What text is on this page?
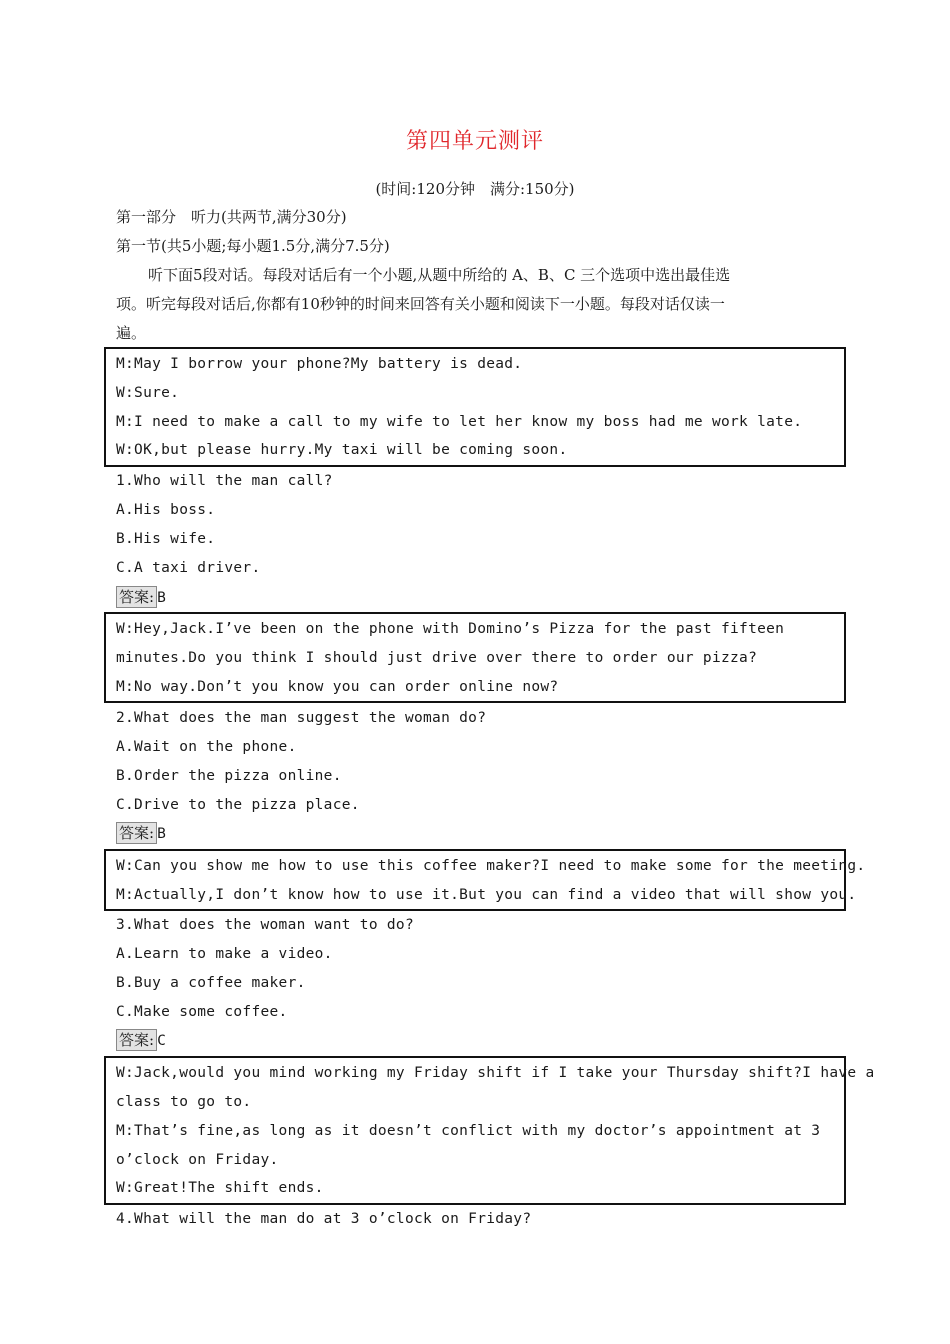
第四单元测评
(时间:120分钟　满分:150分)
第一部分　听力(共两节,满分30分)
第一节(共5小题;每小题1.5分,满分7.5分)
听下面5段对话。每段对话后有一个小题,从题中所给的 A、B、C 三个选项中选出最佳选
项。听完每段对话后,你都有10秒钟的时间来回答有关小题和阅读下一小题。每段对话仅读一
遍。
M:May I borrow your phone?My battery is dead.
W:Sure.
M:I need to make a call to my wife to let her know my boss had me work late.
W:OK,but please hurry.My taxi will be coming soon.
1.Who will the man call?
A.His boss.
B.His wife.
C.A taxi driver.
答案: B
W:Hey,Jack.I’ve been on the phone with Domino’s Pizza for the past fifteen
minutes.Do you think I should just drive over there to order our pizza?
M:No way.Don’t you know you can order online now?
2.What does the man suggest the woman do?
A.Wait on the phone.
B.Order the pizza online.
C.Drive to the pizza place.
答案: B
W:Can you show me how to use this coffee maker?I need to make some for the meeting.
M:Actually,I don’t know how to use it.But you can find a video that will show you.
3.What does the woman want to do?
A.Learn to make a video.
B.Buy a coffee maker.
C.Make some coffee.
答案: C
W:Jack,would you mind working my Friday shift if I take your Thursday shift?I have a
class to go to.
M:That’s fine,as long as it doesn’t conflict with my doctor’s appointment at 3
o’clock on Friday.
W:Great!The shift ends.
4.What will the man do at 3 o’clock on Friday?
